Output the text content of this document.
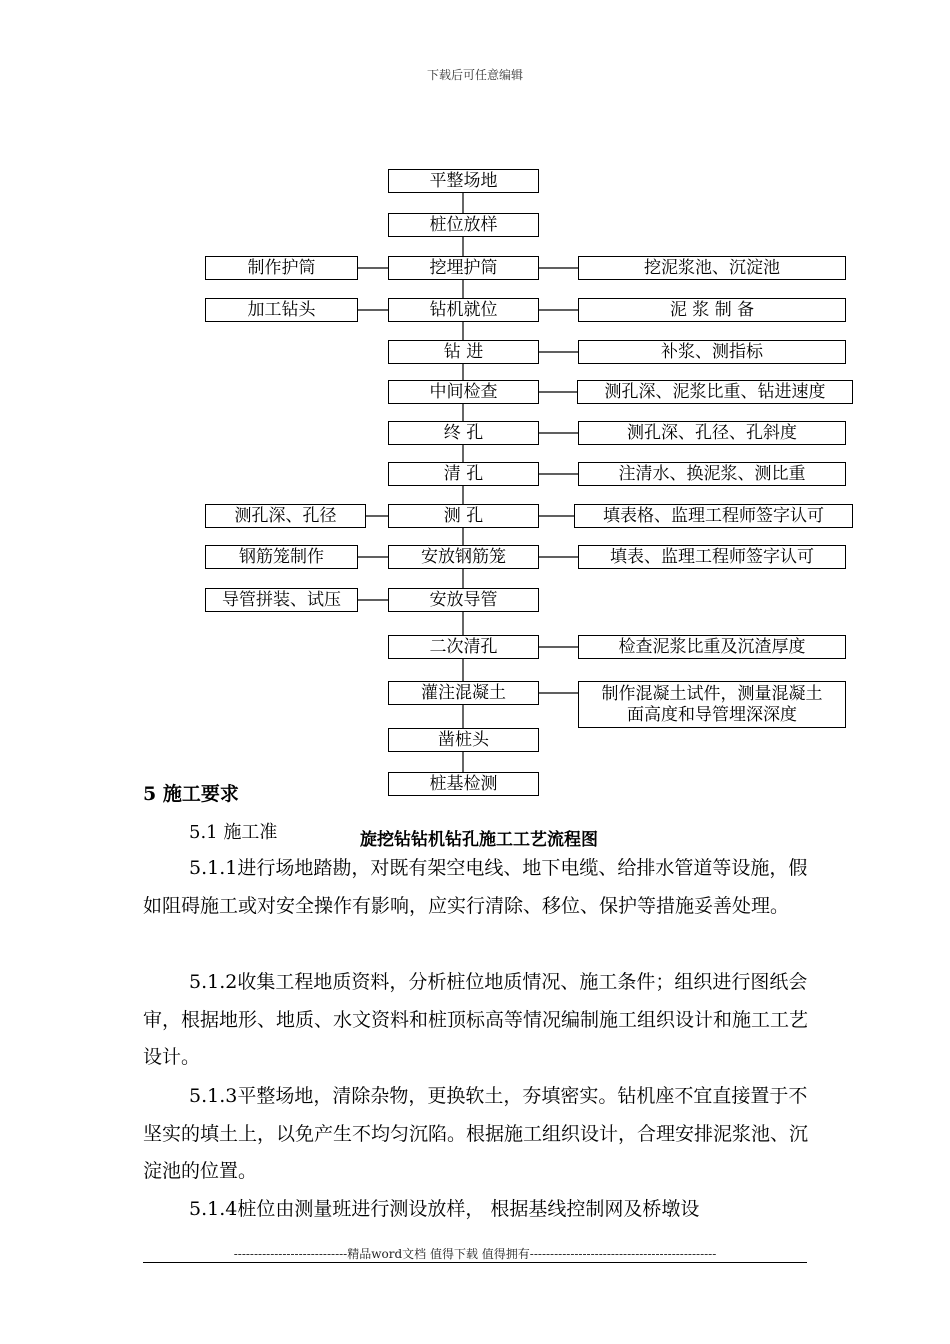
下载后可任意编辑
平整场地
桩位放样
挖埋护筒
钻机就位
钻 进
中间检查
终 孔
清 孔
测 孔
安放钢筋笼
安放导管
二次清孔
灌注混凝土
凿桩头
桩基检测
制作护筒
加工钻头
测孔深、孔径
钢筋笼制作
导管拼装、试压
挖泥浆池、沉淀池
泥 浆 制 备
补浆、测指标
测孔深、泥浆比重、钻进速度
测孔深、孔径、孔斜度
注清水、换泥浆、测比重
填表格、监理工程师签字认可
填表、监理工程师签字认可
检查泥浆比重及沉渣厚度
制作混凝土试件，测量混凝土
面高度和导管埋深深度
5 施工要求
5.1 施工准	旋挖钻钻机钻孔施工工艺流程图
5.1.1进行场地踏勘，对既有架空电线、地下电缆、给排水管道等设施，假如阻碍施工或对安全操作有影响，应实行清除、移位、保护等措施妥善处理。
5.1.2收集工程地质资料，分析桩位地质情况、施工条件；组织进行图纸会审，根据地形、地质、水文资料和桩顶标高等情况编制施工组织设计和施工工艺设计。
5.1.3平整场地，清除杂物，更换软土，夯填密实。钻机座不宜直接置于不坚实的填土上，以免产生不均匀沉陷。根据施工组织设计，合理安排泥浆池、沉淀池的位置。
5.1.4桩位由测量班进行测设放样， 根据基线控制网及桥墩设
----------------------------精品word文档 值得下载 值得拥有----------------------------------------------
